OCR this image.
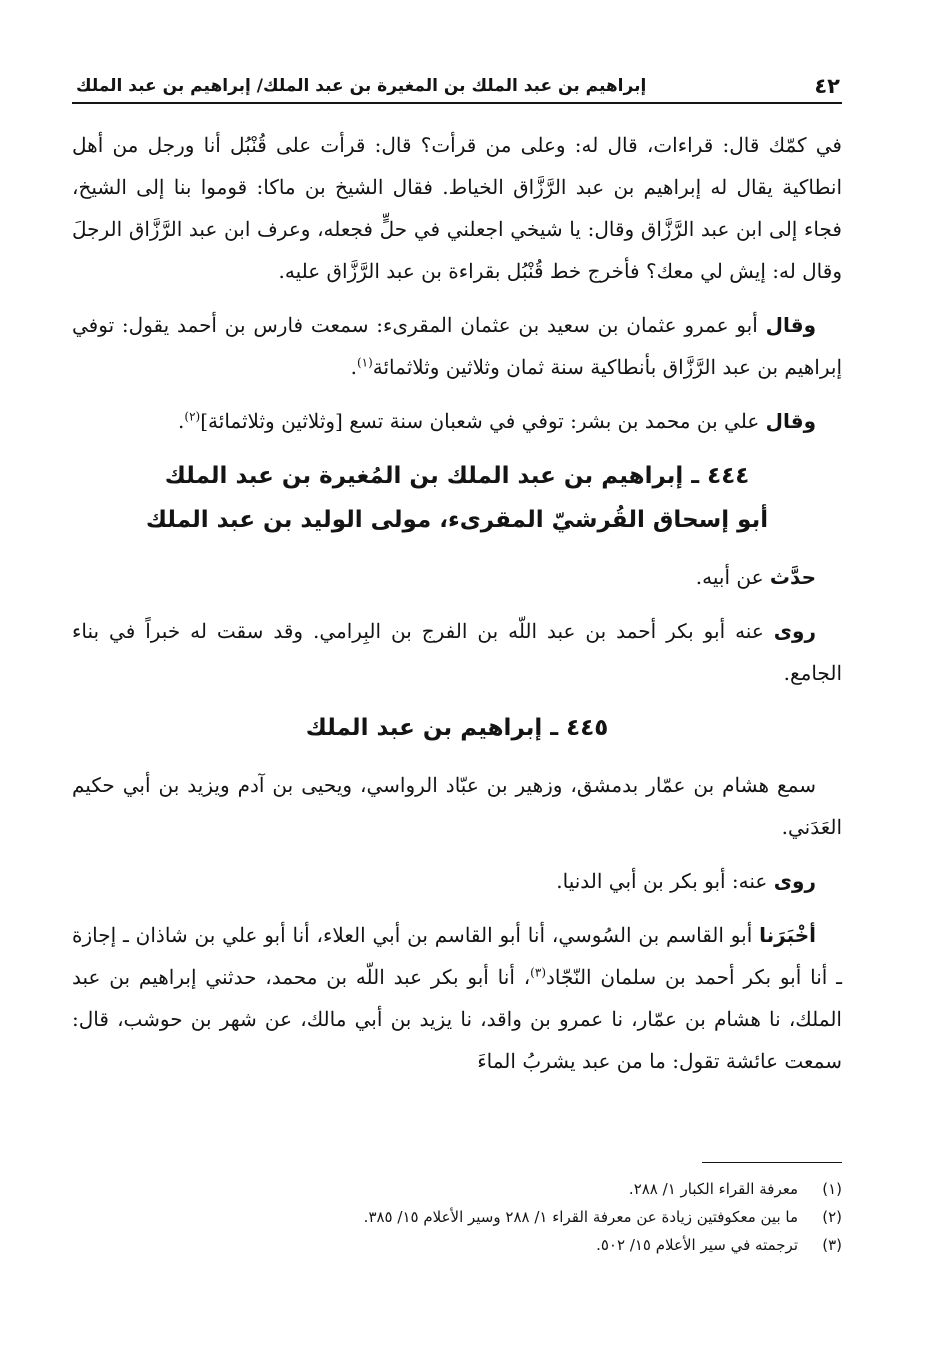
٤٢
إبراهيم بن عبد الملك بن المغيرة بن عبد الملك/ إبراهيم بن عبد الملك

في كمّك قال: قراءات، قال له: وعلى من قرأت؟ قال: قرأت على قُنْبُل أنا ورجل من أهل انطاكية يقال له إبراهيم بن عبد الرَّزَّاق الخياط. فقال الشيخ بن ماكا: قوموا بنا إلى الشيخ، فجاء إلى ابن عبد الرَّزَّاق وقال: يا شيخي اجعلني في حلٍّ فجعله، وعرف ابن عبد الرَّزَّاق الرجلَ وقال له: إيش لي معك؟ فأخرج خط قُنْبُل بقراءة بن عبد الرَّزَّاق عليه.

وقال أبو عمرو عثمان بن سعيد بن عثمان المقرىء: سمعت فارس بن أحمد يقول: توفي إبراهيم بن عبد الرَّزَّاق بأنطاكية سنة ثمان وثلاثين وثلاثمائة$^{(١)}$.

وقال علي بن محمد بن بشر: توفي في شعبان سنة تسع [وثلاثين وثلاثمائة]$^{(٢)}$.

٤٤٤ ـ إبراهيم بن عبد الملك بن المُغيرة بن عبد الملك
أبو إسحاق القُرشيّ المقرىء، مولى الوليد بن عبد الملك

حدَّث عن أبيه.

روى عنه أبو بكر أحمد بن عبد اللّه بن الفرج بن البِرامي. وقد سقت له خبراً في بناء الجامع.

٤٤٥ ـ إبراهيم بن عبد الملك

سمع هشام بن عمّار بدمشق، وزهير بن عبّاد الرواسي، ويحيى بن آدم ويزيد بن أبي حكيم العَدَني.

روى عنه: أبو بكر بن أبي الدنيا.

أخْبَرَنا أبو القاسم بن السُوسي، أنا أبو القاسم بن أبي العلاء، أنا أبو علي بن شاذان ـ إجازة ـ أنا أبو بكر أحمد بن سلمان النّجّاد$^{(٣)}$، أنا أبو بكر عبد اللّه بن محمد، حدثني إبراهيم بن عبد الملك، نا هشام بن عمّار، نا عمرو بن واقد، نا يزيد بن أبي مالك، عن شهر بن حوشب، قال: سمعت عائشة تقول: ما من عبد يشربُ الماءَ

(١)
معرفة القراء الكبار ١/ ٢٨٨.
(٢)
ما بين معكوفتين زيادة عن معرفة القراء ١/ ٢٨٨ وسير الأعلام ١٥/ ٣٨٥.
(٣)
ترجمته في سير الأعلام ١٥/ ٥٠٢.
